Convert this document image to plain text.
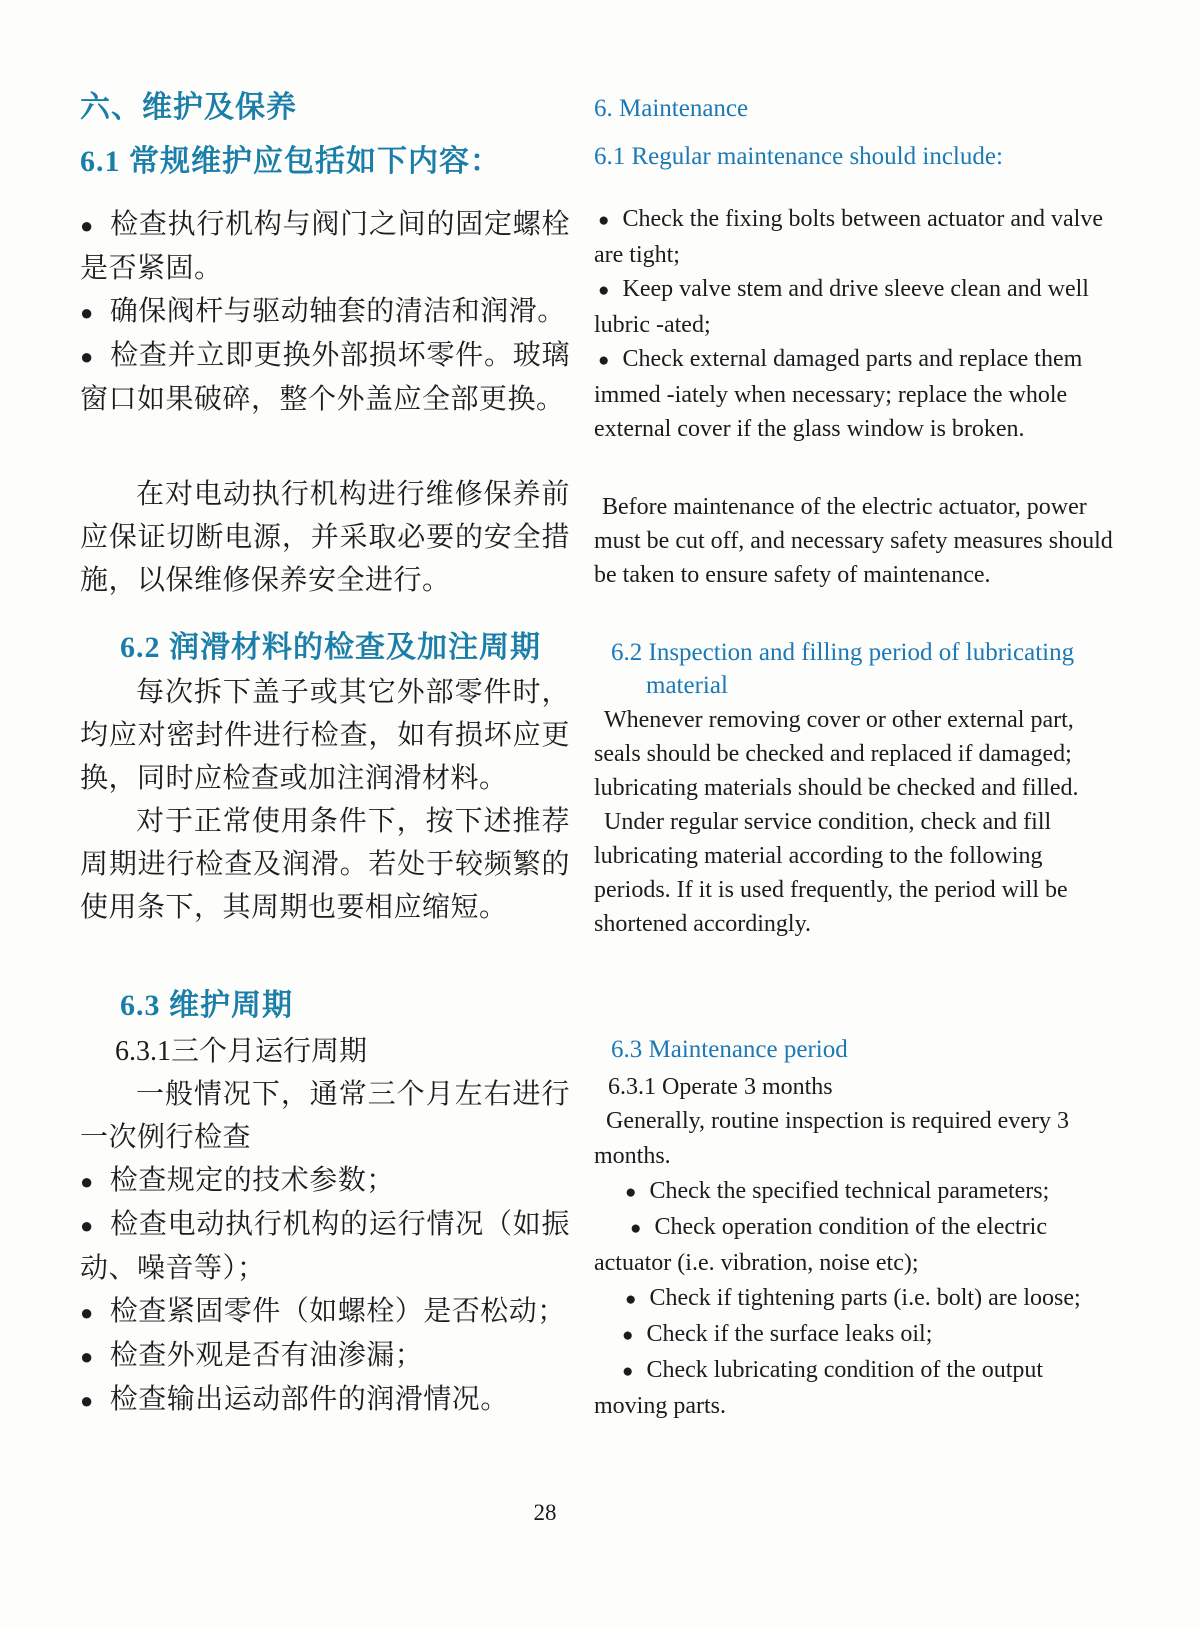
六、维护及保养
6.1 常规维护应包括如下内容：
● 检查执行机构与阀门之间的固定螺栓是否紧固。
● 确保阀杆与驱动轴套的清洁和润滑。
● 检查并立即更换外部损坏零件。玻璃窗口如果破碎，整个外盖应全部更换。
在对电动执行机构进行维修保养前应保证切断电源，并采取必要的安全措施，以保维修保养安全进行。
6.2 润滑材料的检查及加注周期
每次拆下盖子或其它外部零件时，均应对密封件进行检查，如有损坏应更换，同时应检查或加注润滑材料。
对于正常使用条件下，按下述推荐周期进行检查及润滑。若处于较频繁的使用条下，其周期也要相应缩短。
6.3 维护周期
6.3.1三个月运行周期
一般情况下，通常三个月左右进行一次例行检查
● 检查规定的技术参数；
● 检查电动执行机构的运行情况（如振动、噪音等）；
● 检查紧固零件（如螺栓）是否松动；
● 检查外观是否有油渗漏；
● 检查输出运动部件的润滑情况。
6. Maintenance
6.1 Regular maintenance should include:
● Check the fixing bolts between actuator and valve are tight;
● Keep valve stem and drive sleeve clean and well lubric -ated;
● Check external damaged parts and replace them immed -iately when necessary; replace the whole external cover if the glass window is broken.
Before maintenance of the electric actuator, power must be cut off, and necessary safety measures should be taken to ensure safety of maintenance.
6.2 Inspection and filling period of lubricating material
Whenever removing cover or other external part, seals should be checked and replaced if damaged; lubricating materials should be checked and filled.
Under regular service condition, check and fill lubricating material according to the following periods. If it is used frequently, the period will be shortened accordingly.
6.3 Maintenance period
6.3.1 Operate 3 months
Generally, routine inspection is required every 3 months.
● Check the specified technical parameters;
● Check operation condition of the electric actuator (i.e. vibration, noise etc);
● Check if tightening parts (i.e. bolt) are loose;
● Check if the surface leaks oil;
● Check lubricating condition of the output moving parts.
28
